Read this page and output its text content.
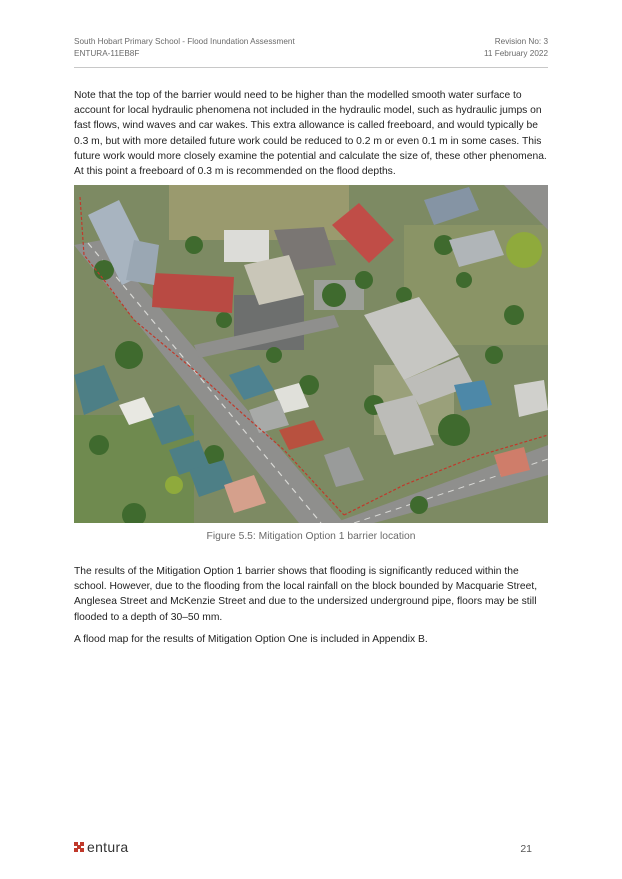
South Hobart Primary School - Flood Inundation Assessment
ENTURA-11EB8F
Revision No: 3
11 February 2022

Note that the top of the barrier would need to be higher than the modelled smooth water surface to account for local hydraulic phenomena not included in the hydraulic model, such as hydraulic jumps on fast flows, wind waves and car wakes. This extra allowance is called freeboard, and would typically be 0.3 m, but with more detailed future work could be reduced to 0.2 m or even 0.1 m in some cases. This future work would more closely examine the potential and calculate the size of, these other phenomena. At this point a freeboard of 0.3 m is recommended on the flood depths.

Figure 5.5: Mitigation Option 1 barrier location

The results of the Mitigation Option 1 barrier shows that flooding is significantly reduced within the school. However, due to the flooding from the local rainfall on the block bounded by Macquarie Street, Anglesea Street and McKenzie Street and due to the undersized underground pipe, floors may be still flooded to a depth of 30–50 mm.

A flood map for the results of Mitigation Option One is included in Appendix B.

entura	21
